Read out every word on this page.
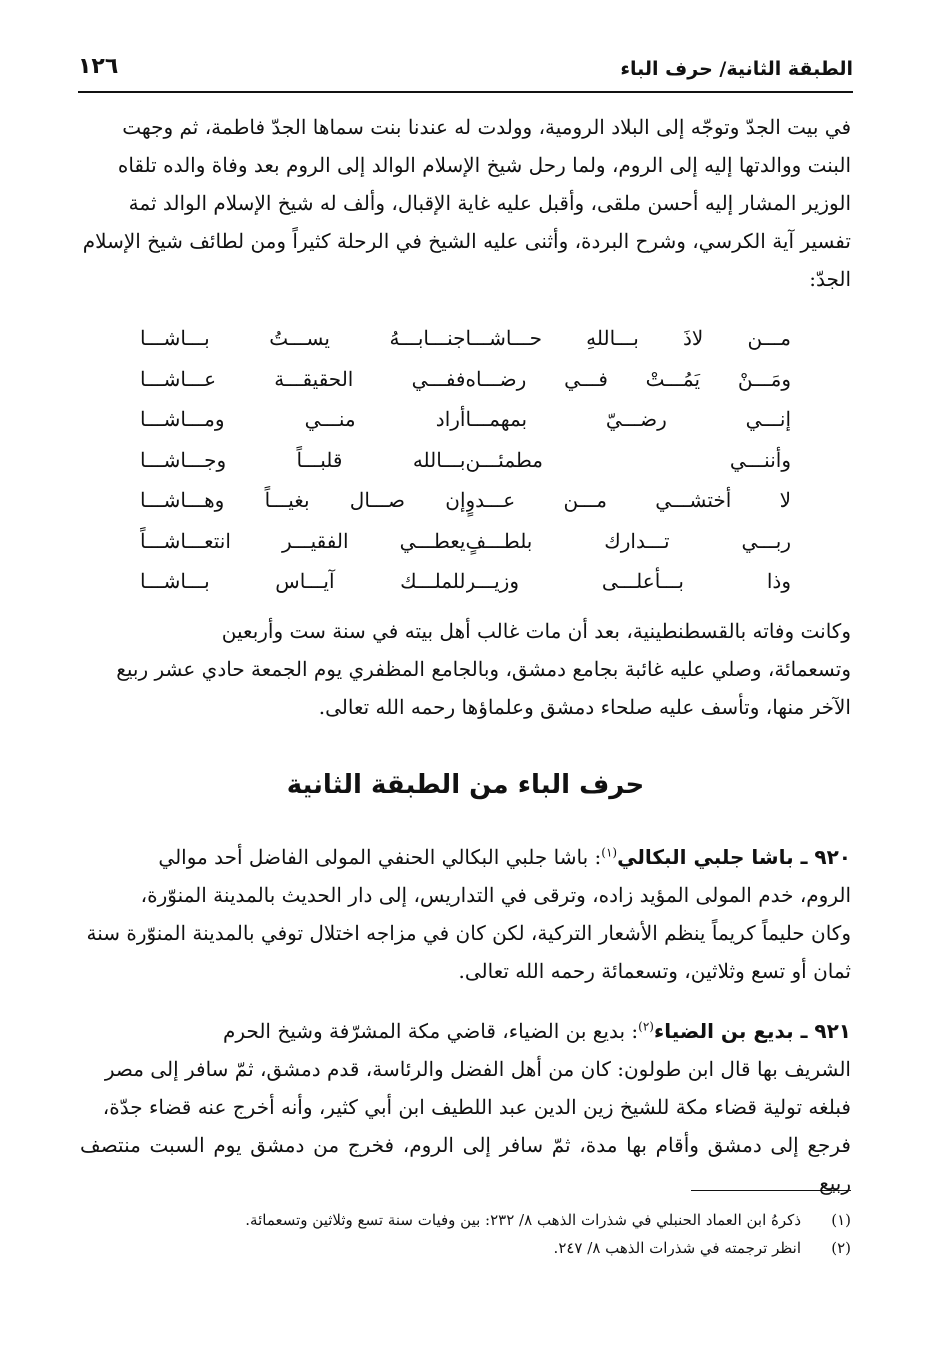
الطبقة الثانية/ حرف الباء
١٢٦

في بيت الجدّ وتوجّه إلى البلاد الرومية، وولدت له عندنا بنت سماها الجدّ فاطمة، ثم وجهت

البنت ووالدتها إليه إلى الروم، ولما رحل شيخ الإسلام الوالد إلى الروم بعد وفاة والده تلقاه

الوزير المشار إليه أحسن ملقى، وأقبل عليه غاية الإقبال، وألف له شيخ الإسلام الوالد ثمة

تفسير آية الكرسي، وشرح البردة، وأثنى عليه الشيخ في الرحلة كثيراً ومن لطائف شيخ الإسلام

الجدّ:

مـــن لاذَ بـــاللهِ حـــاشـــا
جنـــابـــهُ يســـتُ بـــاشـــا
ومَـــنْ يَمُـــتْ فـــي رضـــاه
ففـــي الحقيقـــة عـــاشـــا
إنـــي رضـــيّ بمهمـــا
أراد منـــي ومـــاشـــا
وأننـــي مطمئـــن
بـــالله قلبـــاً وجـــاشـــا
لا أختشـــي مـــن عـــدوٍ
إن صـــال بغيـــاً وهـــاشـــا
ربـــي تـــدارك بلطـــفٍ
يعطـــي الفقيـــر انتعـــاشـــاً
وذا بـــأعلـــى وزيـــر
للملـــك آيـــاس بـــاشـــا

وكانت وفاته بالقسطنطينية، بعد أن مات غالب أهل بيته في سنة ست وأربعين

وتسعمائة، وصلي عليه غائبة بجامع دمشق، وبالجامع المظفري يوم الجمعة حادي عشر ربيع

الآخر منها، وتأسف عليه صلحاء دمشق وعلماؤها رحمه الله تعالى.

حرف الباء من الطبقة الثانية

٩٢٠ ـ باشا جلبي البكالي$^{(١)}$: باشا جلبي البكالي الحنفي المولى الفاضل أحد موالي

الروم، خدم المولى المؤيد زاده، وترقى في التداريس، إلى دار الحديث بالمدينة المنوّرة،

وكان حليماً كريماً ينظم الأشعار التركية، لكن كان في مزاجه اختلال توفي بالمدينة المنوّرة سنة

ثمان أو تسع وثلاثين، وتسعمائة رحمه الله تعالى.

٩٢١ ـ بديع بن الضياء$^{(٢)}$: بديع بن الضياء، قاضي مكة المشرّفة وشيخ الحرم

الشريف بها قال ابن طولون: كان من أهل الفضل والرئاسة، قدم دمشق، ثمّ سافر إلى مصر

فبلغه تولية قضاء مكة للشيخ زين الدين عبد اللطيف ابن أبي كثير، وأنه أخرج عنه قضاء جدّة،

فرجع إلى دمشق وأقام بها مدة، ثمّ سافر إلى الروم، فخرج من دمشق يوم السبت منتصف ربيع

(١)
ذكرهُ ابن العماد الحنبلي في شذرات الذهب ٨/ ٢٣٢: بين وفيات سنة تسع وثلاثين وتسعمائة.
(٢)
انظر ترجمته في شذرات الذهب ٨/ ٢٤٧.
